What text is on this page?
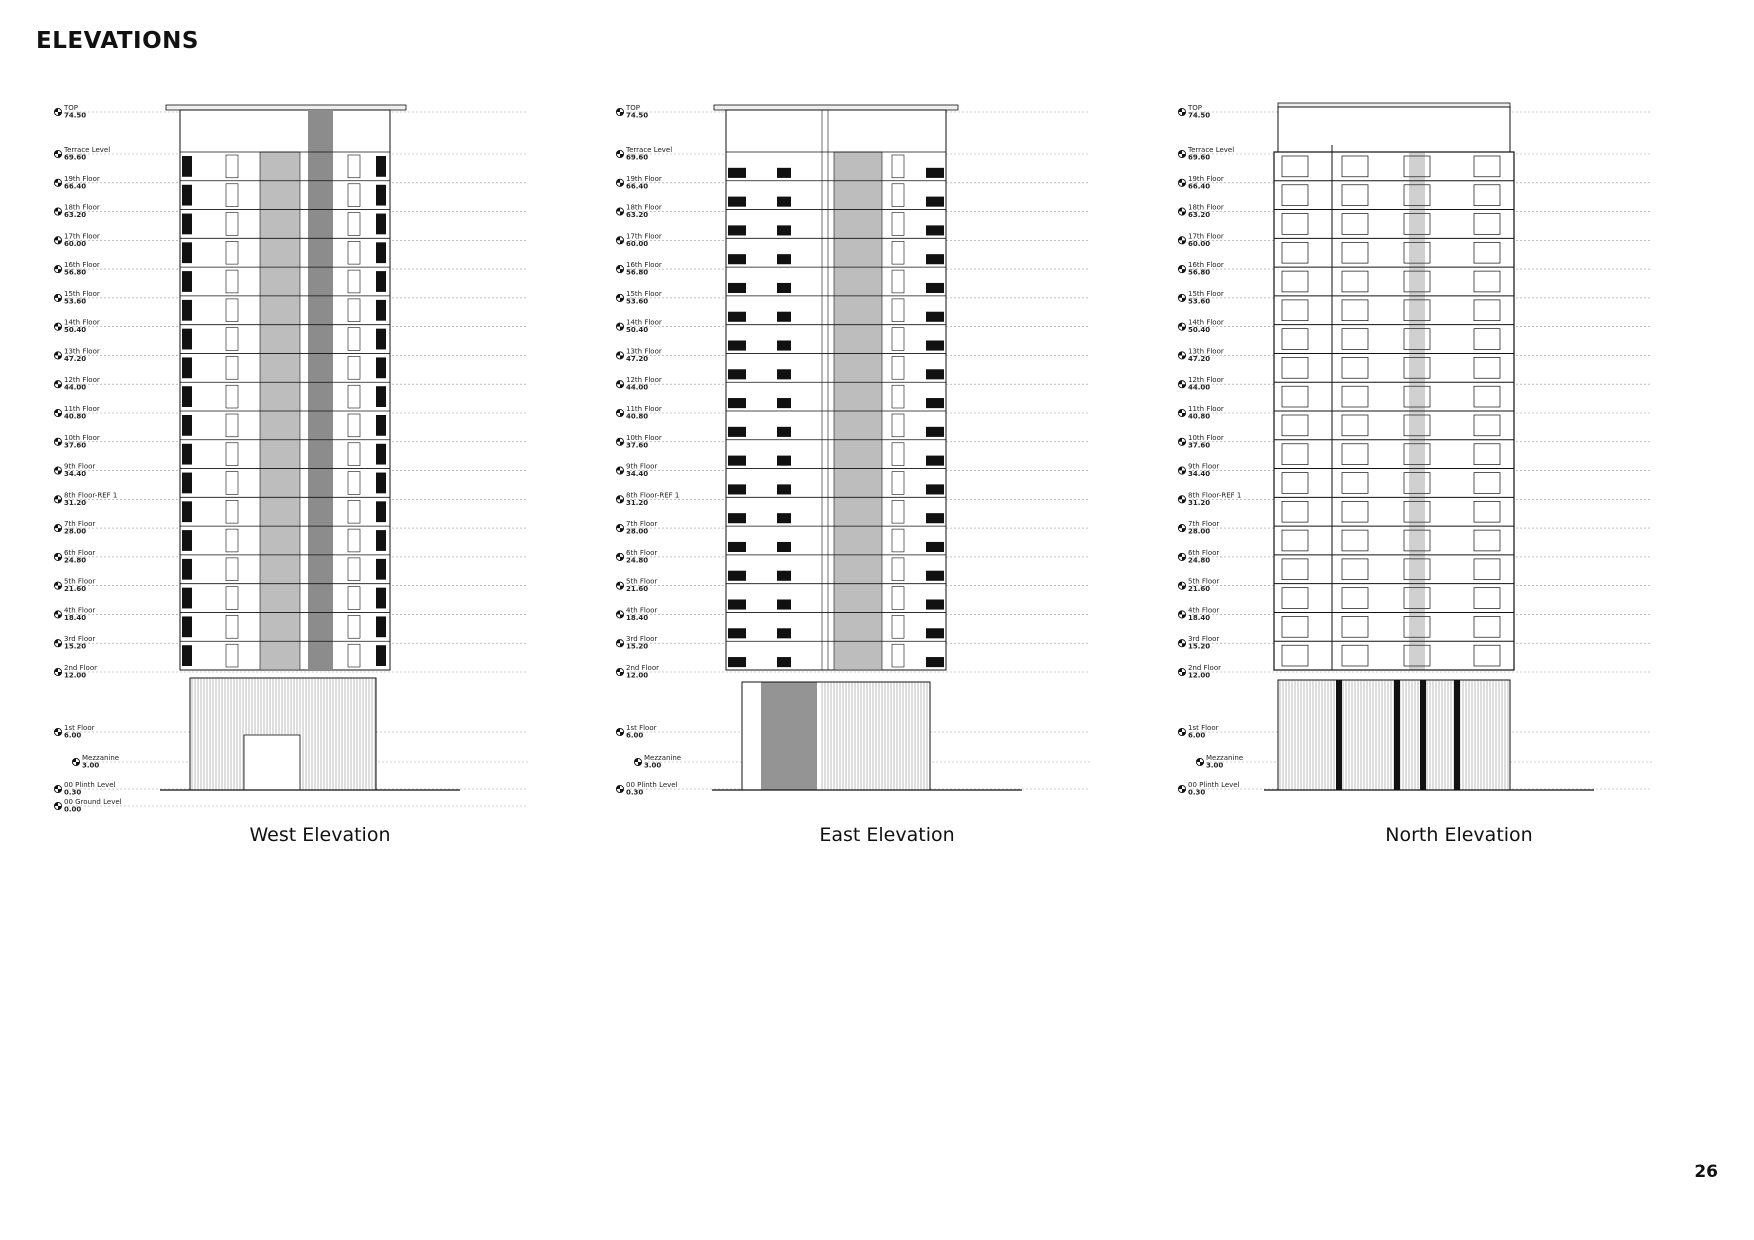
ELEVATIONS
TOP
74.50
Terrace Level
69.60
19th Floor
66.40
18th Floor
63.20
17th Floor
60.00
16th Floor
56.80
15th Floor
53.60
14th Floor
50.40
13th Floor
47.20
12th Floor
44.00
11th Floor
40.80
10th Floor
37.60
9th Floor
34.40
8th Floor-REF 1
31.20
7th Floor
28.00
6th Floor
24.80
5th Floor
21.60
4th Floor
18.40
3rd Floor
15.20
2nd Floor
12.00
1st Floor
6.00
Mezzanine
3.00
00 Plinth Level
0.30
00 Ground Level
0.00
West Elevation
TOP
74.50
Terrace Level
69.60
19th Floor
66.40
18th Floor
63.20
17th Floor
60.00
16th Floor
56.80
15th Floor
53.60
14th Floor
50.40
13th Floor
47.20
12th Floor
44.00
11th Floor
40.80
10th Floor
37.60
9th Floor
34.40
8th Floor-REF 1
31.20
7th Floor
28.00
6th Floor
24.80
5th Floor
21.60
4th Floor
18.40
3rd Floor
15.20
2nd Floor
12.00
1st Floor
6.00
Mezzanine
3.00
00 Plinth Level
0.30
East Elevation
TOP
74.50
Terrace Level
69.60
19th Floor
66.40
18th Floor
63.20
17th Floor
60.00
16th Floor
56.80
15th Floor
53.60
14th Floor
50.40
13th Floor
47.20
12th Floor
44.00
11th Floor
40.80
10th Floor
37.60
9th Floor
34.40
8th Floor-REF 1
31.20
7th Floor
28.00
6th Floor
24.80
5th Floor
21.60
4th Floor
18.40
3rd Floor
15.20
2nd Floor
12.00
1st Floor
6.00
Mezzanine
3.00
00 Plinth Level
0.30
North Elevation
26
